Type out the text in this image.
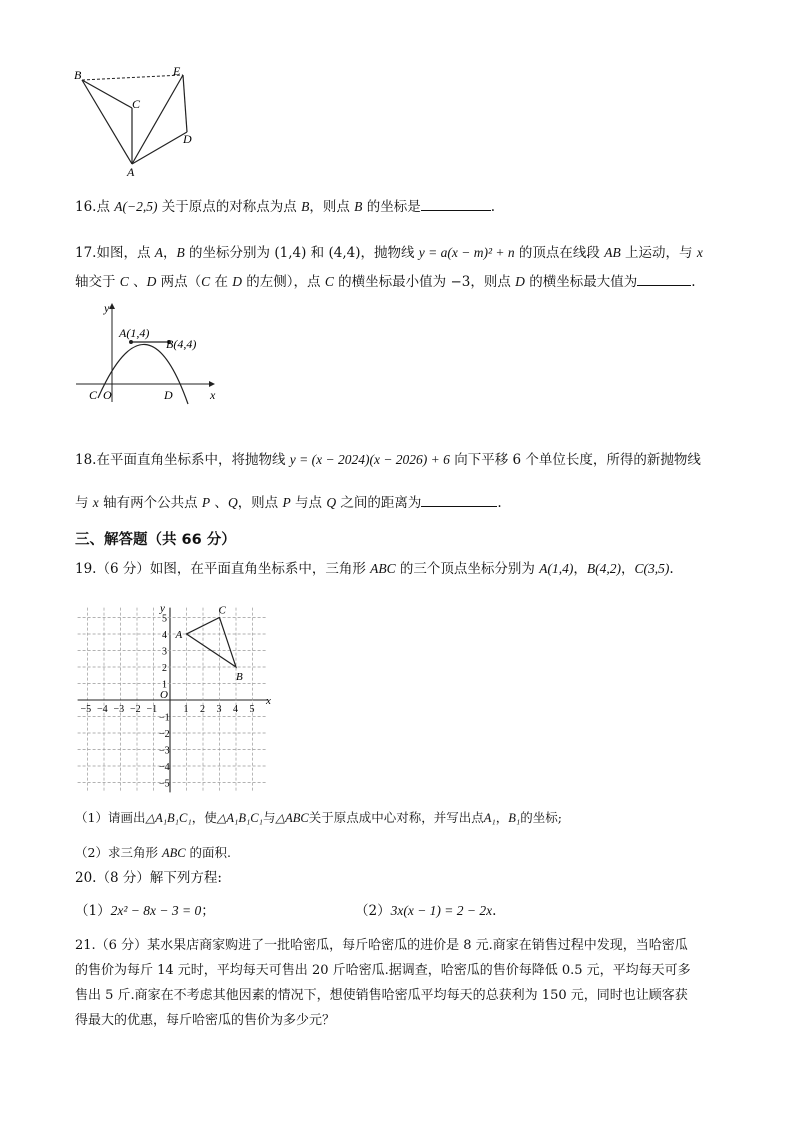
B	E
C
D
A
16.点 A(−2,5) 关于原点的对称点为点 B，则点 B 的坐标是	.
17.如图，点 A，B 的坐标分别为 (1,4) 和 (4,4)，抛物线 y = a(x − m)² + n 的顶点在线段 AB 上运动，与 x
轴交于 C 、D 两点（C 在 D 的左侧），点 C 的横坐标最小值为 −3，则点 D 的横坐标最大值为	.
y
x
A(1,4)
B(4,4)
C O	D
18.在平面直角坐标系中，将抛物线 y = (x − 2024)(x − 2026) + 6 向下平移 6 个单位长度，所得的新抛物线
与 x 轴有两个公共点 P 、Q，则点 P 与点 Q 之间的距离为	.
三、解答题（共 66 分）
19.（6 分）如图，在平面直角坐标系中，三角形 ABC 的三个顶点坐标分别为 A(1,4)，B(4,2)，C(3,5).
−5 −4 −3 −2 −1	1 2 3 4 5
5
4
3
2
1
−1
−2
−3
−4
−5
A
B
C
x
y
O
（1）请画出△A₁B₁C₁，使△A₁B₁C₁与△ABC关于原点成中心对称，并写出点A₁，B₁的坐标;
（2）求三角形 ABC 的面积.
20.（8 分）解下列方程:
（1）2x² − 8x − 3 = 0；	（2）3x(x − 1) = 2 − 2x.
21.（6 分）某水果店商家购进了一批哈密瓜，每斤哈密瓜的进价是 8 元.商家在销售过程中发现，当哈密瓜
的售价为每斤 14 元时，平均每天可售出 20 斤哈密瓜.据调查，哈密瓜的售价每降低 0.5 元，平均每天可多
售出 5 斤.商家在不考虑其他因素的情况下，想使销售哈密瓜平均每天的总获利为 150 元，同时也让顾客获
得最大的优惠，每斤哈密瓜的售价为多少元？
